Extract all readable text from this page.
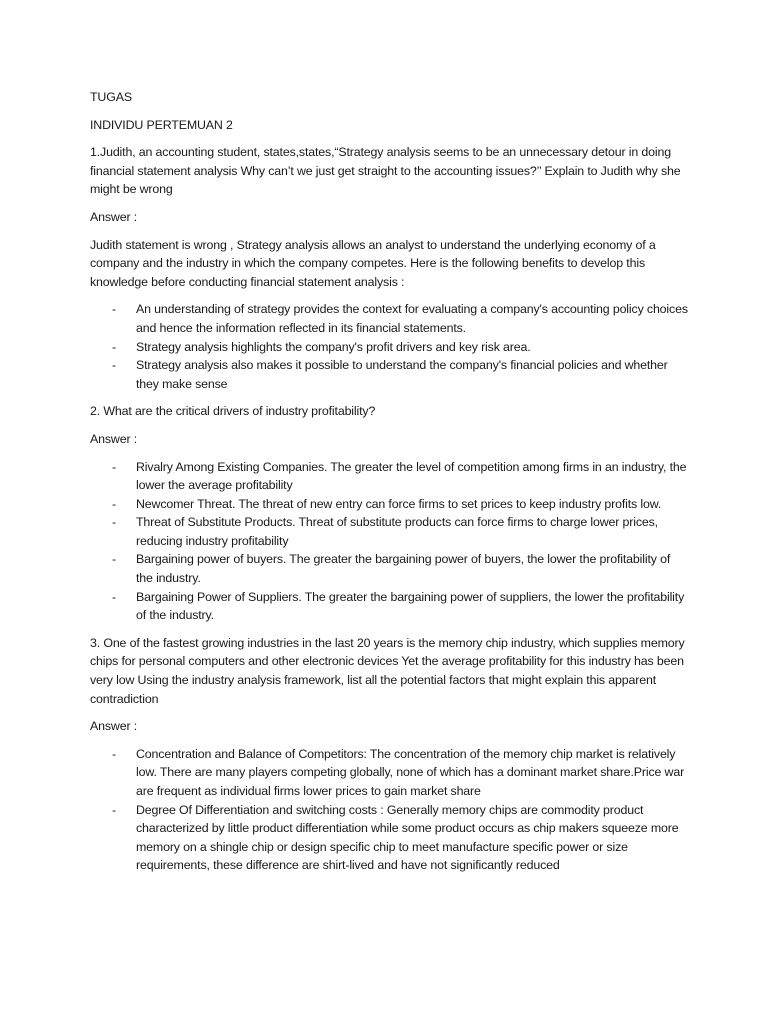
TUGAS

INDIVIDU PERTEMUAN 2

1.Judith, an accounting student, states,states,“Strategy analysis seems to be an unnecessary detour in doing financial statement analysis Why can’t we just get straight to the accounting issues?’’ Explain to Judith why she might be wrong

Answer :

Judith statement is wrong , Strategy analysis allows an analyst to understand the underlying economy of a company and the industry in which the company competes. Here is the following benefits to develop this knowledge before conducting financial statement analysis :

- An understanding of strategy provides the context for evaluating a company's accounting policy choices and hence the information reflected in its financial statements.
- Strategy analysis highlights the company's profit drivers and key risk area.
- Strategy analysis also makes it possible to understand the company's financial policies and whether they make sense

2. What are the critical drivers of industry profitability?

Answer :

- Rivalry Among Existing Companies. The greater the level of competition among firms in an industry, the lower the average profitability
- Newcomer Threat. The threat of new entry can force firms to set prices to keep industry profits low.
- Threat of Substitute Products. Threat of substitute products can force firms to charge lower prices, reducing industry profitability
- Bargaining power of buyers. The greater the bargaining power of buyers, the lower the profitability of the industry.
- Bargaining Power of Suppliers. The greater the bargaining power of suppliers, the lower the profitability of the industry.

3. One of the fastest growing industries in the last 20 years is the memory chip industry, which supplies memory chips for personal computers and other electronic devices Yet the average profitability for this industry has been very low Using the industry analysis framework, list all the potential factors that might explain this apparent contradiction

Answer :

- Concentration and Balance of Competitors: The concentration of the memory chip market is relatively low. There are many players competing globally, none of which has a dominant market share.Price war are frequent as individual firms lower prices to gain market share
- Degree Of Differentiation and switching costs : Generally memory chips are commodity product characterized by little product differentiation while some product occurs as chip makers squeeze more memory on a shingle chip or design specific chip to meet manufacture specific power or size requirements, these difference are shirt-lived and have not significantly reduced
